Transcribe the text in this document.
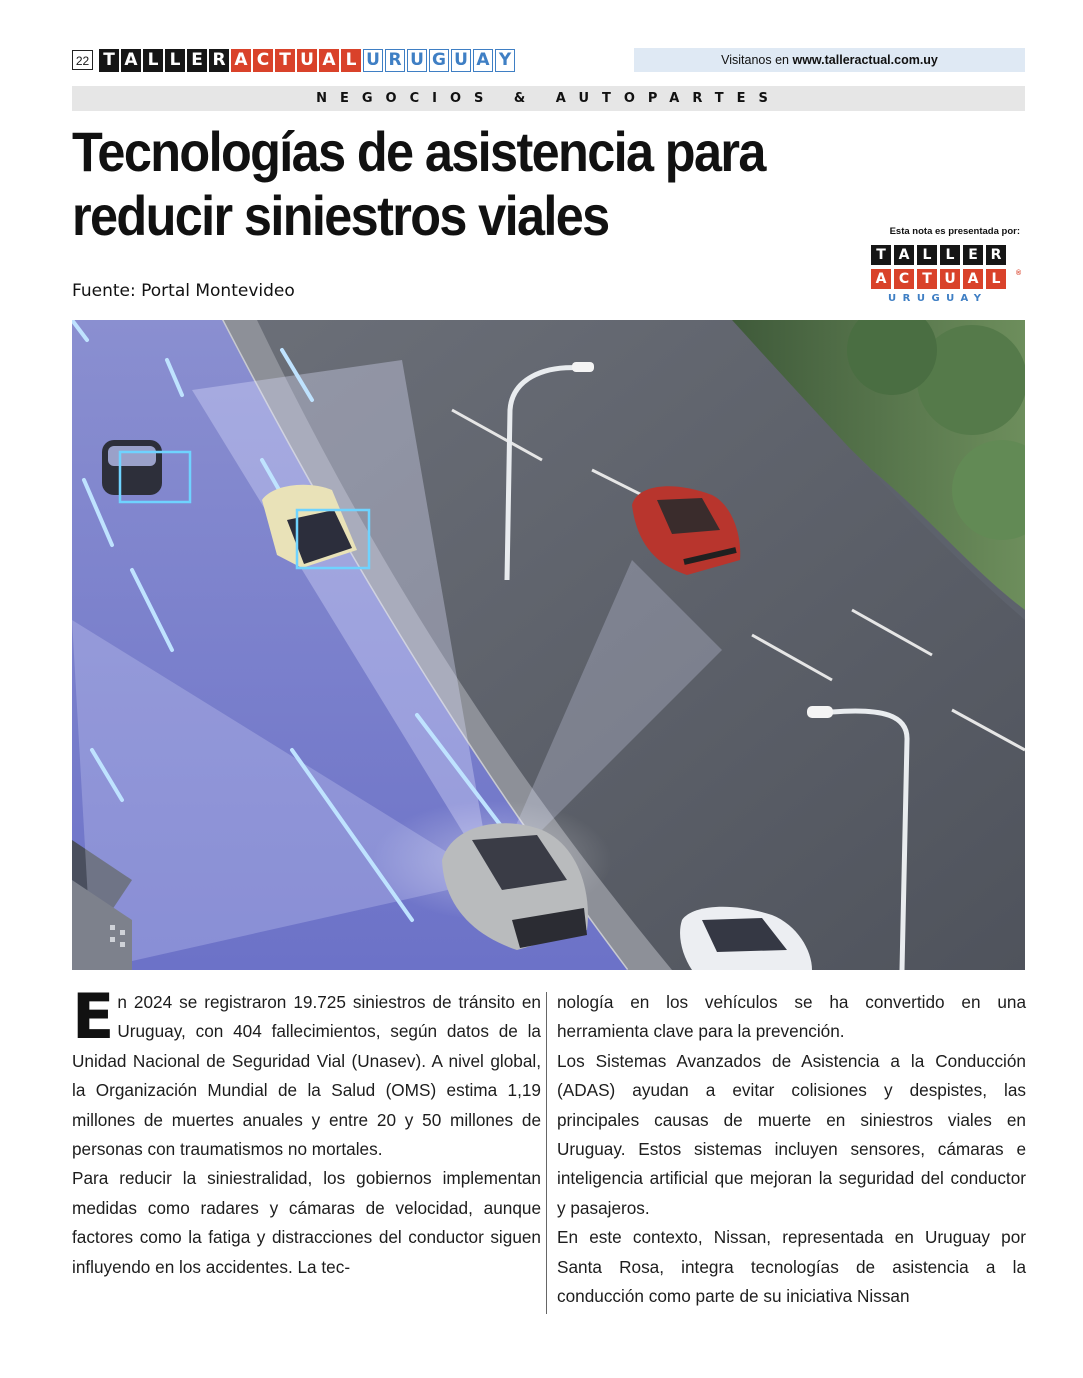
22 T A L L E R A C T U A L U R U G U A Y	Visitanos en www.talleractual.com.uy
NEGOCIOS & AUTOPARTES
Tecnologías de asistencia para
reducir siniestros viales
Fuente: Portal Montevideo
Esta nota es presentada por:
T A L	L E R
A C T U A L	®
URUGUAY

En 2024 se registraron 19.725 siniestros de tránsito en Uruguay, con 404 fallecimientos, según datos de la Unidad Nacional de Seguridad Vial (Unasev). A nivel global, la Organización Mundial de la Salud (OMS) estima 1,19 millones de muertes anuales y entre 20 y 50 millones de personas con traumatismos no mortales.

Para reducir la siniestralidad, los gobiernos implementan medidas como radares y cámaras de velocidad, aunque factores como la fatiga y distracciones del conductor siguen influyendo en los accidentes. La tec-

nología en los vehículos se ha convertido en una herramienta clave para la prevención.

Los Sistemas Avanzados de Asistencia a la Conducción (ADAS) ayudan a evitar colisiones y despistes, las principales causas de muerte en siniestros viales en Uruguay. Estos sistemas incluyen sensores, cámaras e inteligencia artificial que mejoran la seguridad del conductor y pasajeros.

En este contexto, Nissan, representada en Uruguay por Santa Rosa, integra tecnologías de asistencia a la conducción como parte de su iniciativa Nissan
